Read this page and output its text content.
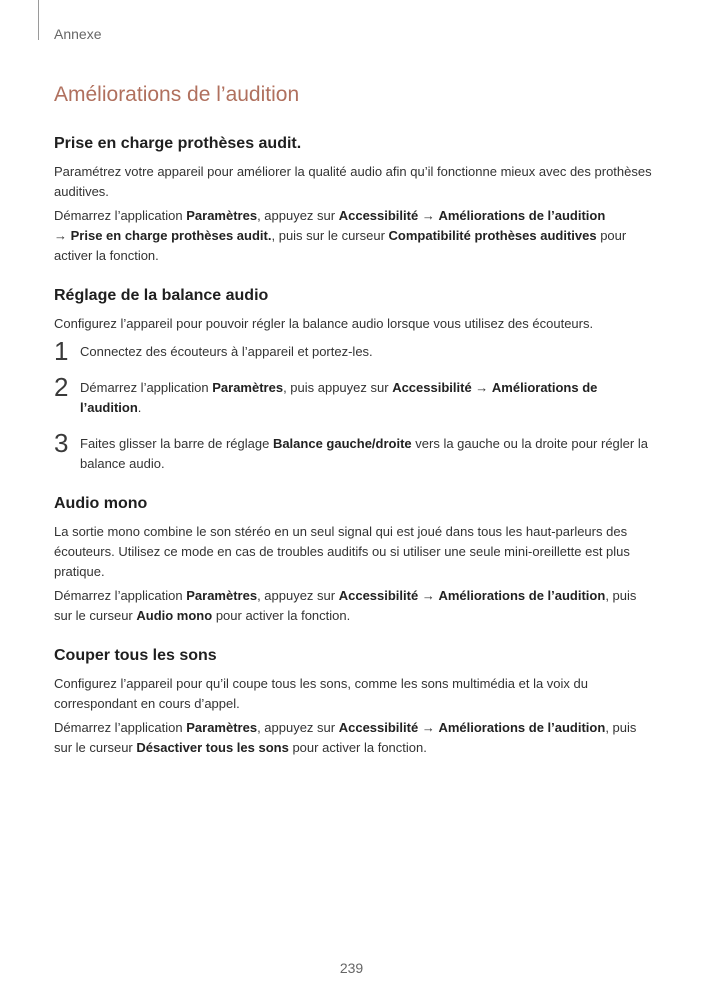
Annexe
Améliorations de l’audition
Prise en charge prothèses audit.

Paramétrez votre appareil pour améliorer la qualité audio afin qu’il fonctionne mieux avec des prothèses auditives.

Démarrez l’application Paramètres, appuyez sur Accessibilité → Améliorations de l’audition
→ Prise en charge prothèses audit., puis sur le curseur Compatibilité prothèses auditives pour activer la fonction.

Réglage de la balance audio

Configurez l’appareil pour pouvoir régler la balance audio lorsque vous utilisez des écouteurs.

1 Connectez des écouteurs à l’appareil et portez-les.
2 Démarrez l’application Paramètres, puis appuyez sur Accessibilité → Améliorations de l’audition.
3 Faites glisser la barre de réglage Balance gauche/droite vers la gauche ou la droite pour régler la balance audio.
Audio mono

La sortie mono combine le son stéréo en un seul signal qui est joué dans tous les haut-parleurs des écouteurs. Utilisez ce mode en cas de troubles auditifs ou si utiliser une seule mini-oreillette est plus pratique.

Démarrez l’application Paramètres, appuyez sur Accessibilité → Améliorations de l’audition, puis sur le curseur Audio mono pour activer la fonction.

Couper tous les sons

Configurez l’appareil pour qu’il coupe tous les sons, comme les sons multimédia et la voix du correspondant en cours d’appel.

Démarrez l’application Paramètres, appuyez sur Accessibilité → Améliorations de l’audition, puis sur le curseur Désactiver tous les sons pour activer la fonction.

239
